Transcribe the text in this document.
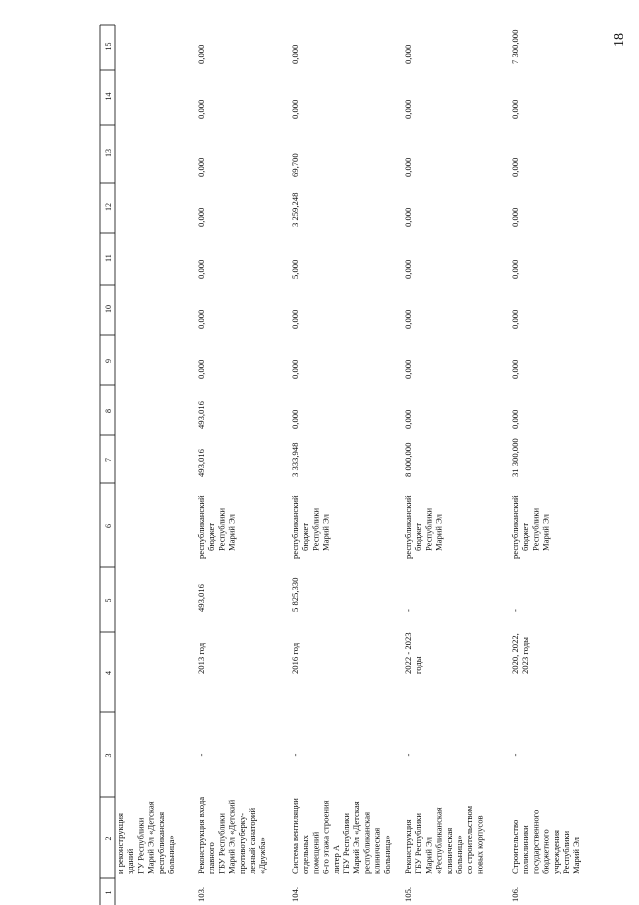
18
1
2
3
4
5
6
7
8
9
10
11
12
13
14
15
и реконструкция зданий ГУ Республики Марий Эл «Детская республиканская больница»
103.
Реконструкция входа главного ГБУ Республики Марий Эл «Детский противотуберку- лезный санаторий «Дружба»
-
2013 год
493,016
республиканский бюджет Республики Марий Эл
493,016
493,016
0,000
0,000
0,000
0,000
0,000
0,000
0,000
104.
Система вентиляции отдельных помещений 6-го этажа строения литер А ГБУ Республики Марий Эл «Детская республиканская клиническая больница»
-
2016 год
5 825,330
республиканский бюджет Республики Марий Эл
3 333,948
0,000
0,000
0,000
5,000
3 259,248
69,700
0,000
0,000
105.
Реконструкция ГБУ Республики Марий Эл «Республиканская клиническая больница» со строительством новых корпусов
-
2022 - 2023 годы
-
республиканский бюджет Республики Марий Эл
8 000,000
0,000
0,000
0,000
0,000
0,000
0,000
0,000
0,000
106.
Строительство поликлиники государственного бюджетного учреждения Республики Марий Эл
-
2020, 2022, 2023 годы
-
республиканский бюджет Республики Марий Эл
31 300,000
0,000
0,000
0,000
0,000
0,000
0,000
0,000
7 300,000
